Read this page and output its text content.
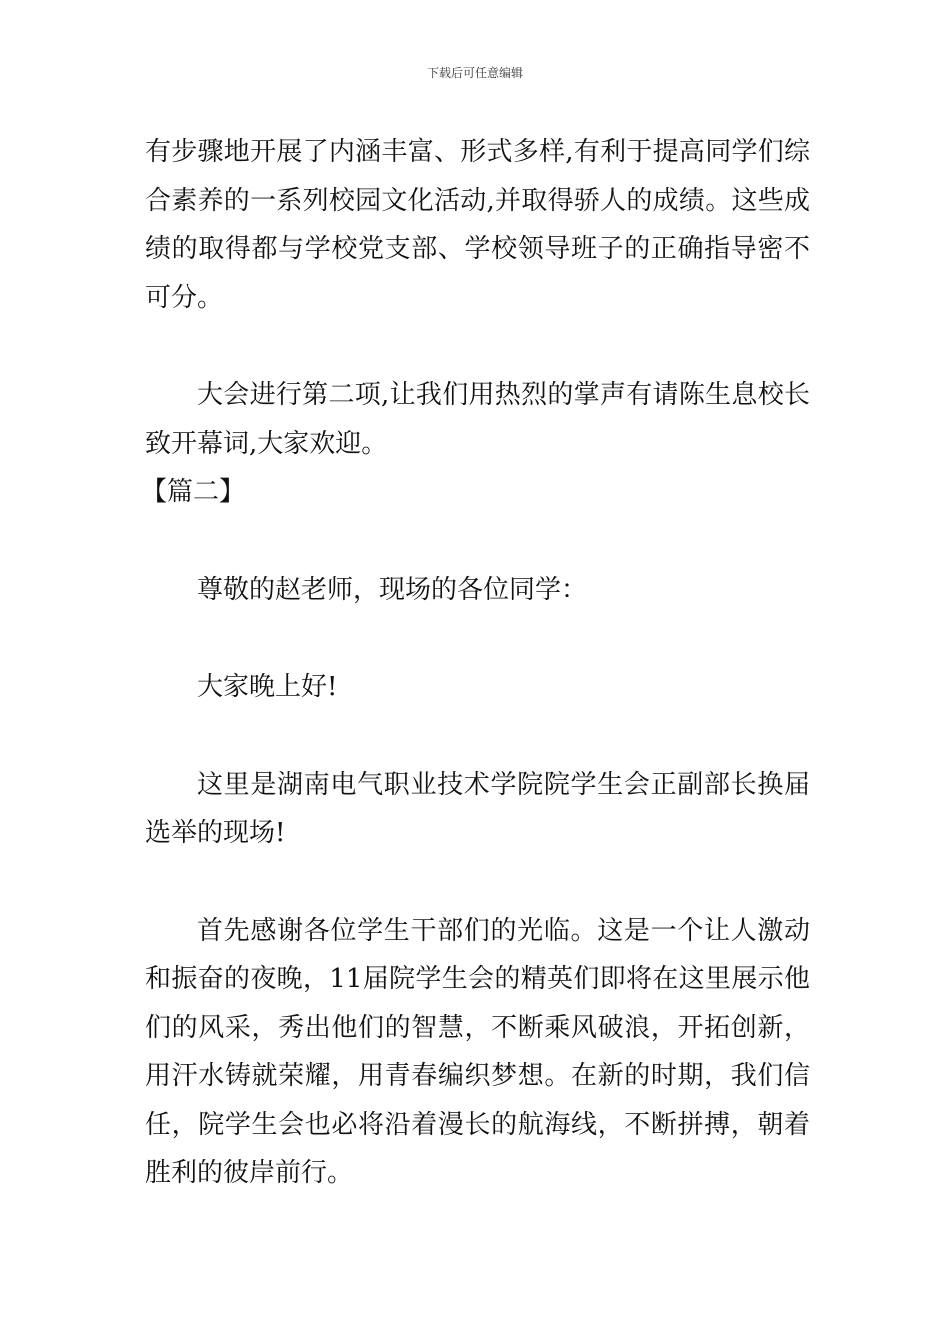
下载后可任意编辑

有步骤地开展了内涵丰富、形式多样,有利于提高同学们综合素养的一系列校园文化活动,并取得骄人的成绩。这些成绩的取得都与学校党支部、学校领导班子的正确指导密不可分。

大会进行第二项,让我们用热烈的掌声有请陈生息校长致开幕词,大家欢迎。

【篇二】

尊敬的赵老师，现场的各位同学：

大家晚上好!

这里是湖南电气职业技术学院院学生会正副部长换届选举的现场!

首先感谢各位学生干部们的光临。这是一个让人激动和振奋的夜晚，11届院学生会的精英们即将在这里展示他们的风采，秀出他们的智慧，不断乘风破浪，开拓创新，用汗水铸就荣耀，用青春编织梦想。在新的时期，我们信任，院学生会也必将沿着漫长的航海线，不断拼搏，朝着胜利的彼岸前行。
